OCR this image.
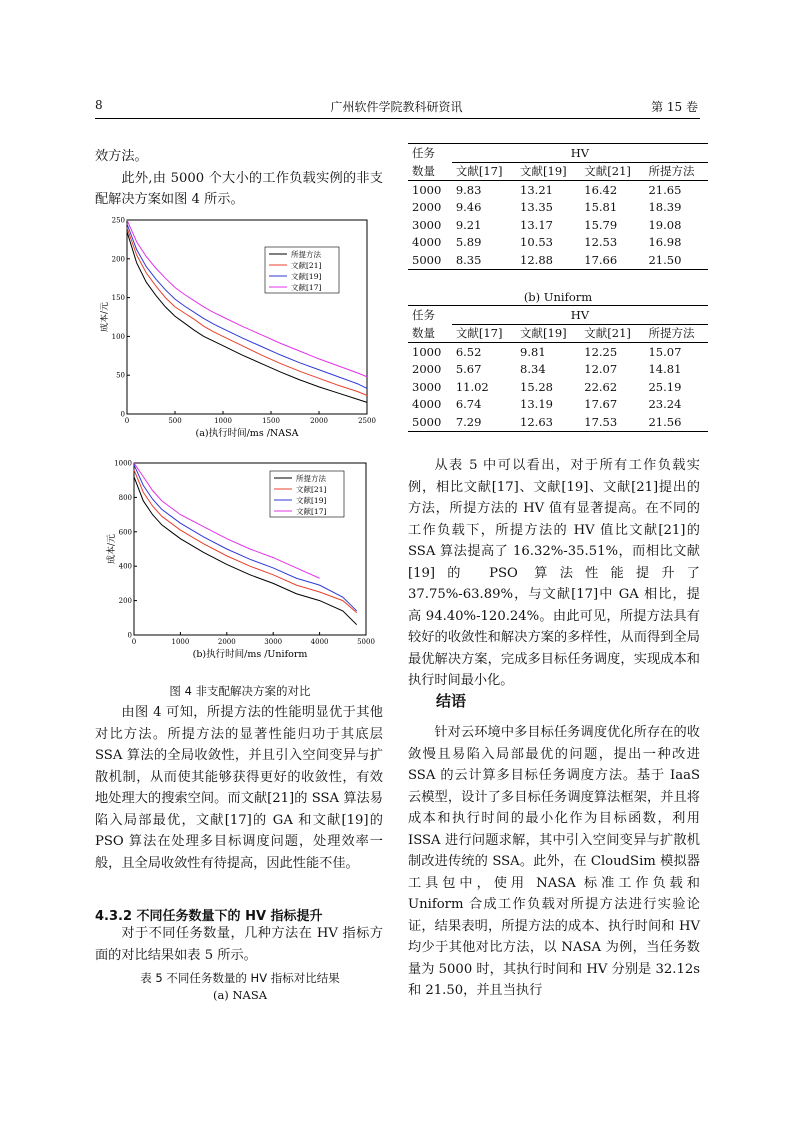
8	广州软件学院教科研资讯	第 15 卷

效方法。

此外,由 5000 个大小的工作负载实例的非支配解决方案如图 4 所示。

0	500	1000	1500	2000	2500
0
50
100
150
200
250
成本/元
(a)执行时间/ms /NASA
所提方法
文献[21]
文献[19]
文献[17]
0	1000	2000	3000	4000	5000
0
200
400
600
800
1000
成本/元
(b)执行时间/ms /Uniform
所提方法
文献[21]
文献[19]
文献[17]
图 4 非支配解决方案的对比

由图 4 可知，所提方法的性能明显优于其他对比方法。所提方法的显著性能归功于其底层 SSA 算法的全局收敛性，并且引入空间变异与扩散机制，从而使其能够获得更好的收敛性，有效地处理大的搜索空间。而文献[21]的 SSA 算法易陷入局部最优，文献[17]的 GA 和文献[19]的 PSO 算法在处理多目标调度问题，处理效率一般，且全局收敛性有待提高，因此性能不佳。

4.3.2 不同任务数量下的 HV 指标提升

对于不同任务数量，几种方法在 HV 指标方面的对比结果如表 5 所示。

表 5 不同任务数量的 HV 指标对比结果
(a) NASA
任务	HV			
数量	文献[17]	文献[19]	文献[21]	所提方法
1000	9.83	13.21	16.42	21.65
2000	9.46	13.35	15.81	18.39
3000	9.21	13.17	15.79	19.08
4000	5.89	10.53	12.53	16.98
5000	8.35	12.88	17.66	21.50
(b) Uniform
任务	HV			
数量	文献[17]	文献[19]	文献[21]	所提方法
1000	6.52	9.81	12.25	15.07
2000	5.67	8.34	12.07	14.81
3000	11.02	15.28	22.62	25.19
4000	6.74	13.19	17.67	23.24
5000	7.29	12.63	17.53	21.56

从表 5 中可以看出，对于所有工作负载实例，相比文献[17]、文献[19]、文献[21]提出的方法，所提方法的 HV 值有显著提高。在不同的工作负载下，所提方法的 HV 值比文献[21]的 SSA 算法提高了 16.32%-35.51%，而相比文献[19]的 PSO 算法性能提升了 37.75%-63.89%，与文献[17]中 GA 相比，提高 94.40%-120.24%。由此可见，所提方法具有较好的收敛性和解决方案的多样性，从而得到全局最优解决方案，完成多目标任务调度，实现成本和执行时间最小化。

结语

针对云环境中多目标任务调度优化所存在的收敛慢且易陷入局部最优的问题，提出一种改进 SSA 的云计算多目标任务调度方法。基于 IaaS 云模型，设计了多目标任务调度算法框架，并且将成本和执行时间的最小化作为目标函数，利用 ISSA 进行问题求解，其中引入空间变异与扩散机制改进传统的 SSA。此外，在 CloudSim 模拟器工具包中，使用 NASA 标准工作负载和 Uniform 合成工作负载对所提方法进行实验论证，结果表明，所提方法的成本、执行时间和 HV 均少于其他对比方法，以 NASA 为例，当任务数量为 5000 时，其执行时间和 HV 分别是 32.12s 和 21.50，并且当执行
